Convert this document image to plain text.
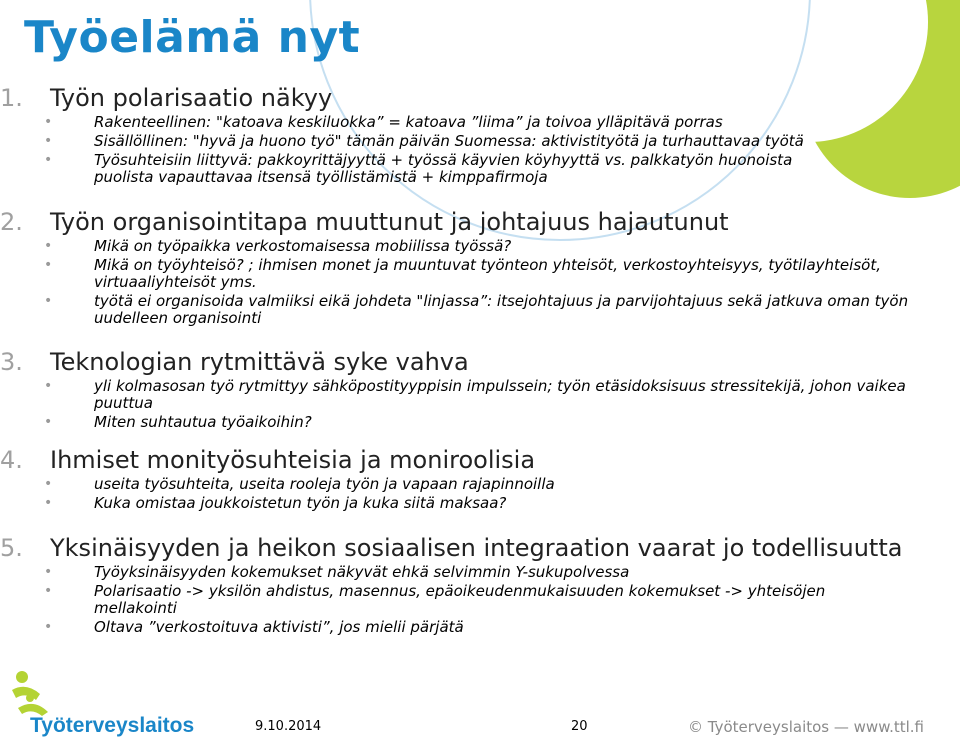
Työelämä nyt
1. Työn polarisaatio näkyy
•	Rakenteellinen: "katoava keskiluokka” = katoava ”liima” ja toivoa ylläpitävä porras
•	Sisällöllinen: "hyvä ja huono työ" tämän päivän Suomessa: aktivistityötä ja turhauttavaa työtä
•	Työsuhteisiin liittyvä: pakkoyrittäjyyttä + työssä käyvien köyhyyttä vs. palkkatyön huonoista puolista vapauttavaa itsensä työllistämistä + kimppafirmoja
2. Työn organisointitapa muuttunut ja johtajuus hajautunut
•	Mikä on työpaikka verkostomaisessa mobiilissa työssä?
•	Mikä on työyhteisö? ; ihmisen monet ja muuntuvat työnteon yhteisöt, verkostoyhteisyys, työtilayhteisöt, virtuaaliyhteisöt yms.
•	työtä ei organisoida valmiiksi eikä johdeta "linjassa”: itsejohtajuus ja parvijohtajuus sekä jatkuva oman työn uudelleen organisointi
3. Teknologian rytmittävä syke vahva
•	yli kolmasosan työ rytmittyy sähköpostityyppisin impulssein; työn etäsidoksisuus stressitekijä, johon vaikea puuttua
•	Miten suhtautua työaikoihin?
4. Ihmiset monityösuhteisia ja moniroolisia
•	useita työsuhteita, useita rooleja työn ja vapaan rajapinnoilla
•	Kuka omistaa joukkoistetun työn ja kuka siitä maksaa?
5. Yksinäisyyden ja heikon sosiaalisen integraation vaarat jo todellisuutta
•	Työyksinäisyyden kokemukset näkyvät ehkä selvimmin Y-sukupolvessa
•	Polarisaatio -> yksilön ahdistus, masennus, epäoikeudenmukaisuuden kokemukset -> yhteisöjen mellakointi
•	Oltava ”verkostoituva aktivisti”, jos mielii pärjätä
Työterveyslaitos	9.10.2014	20	© Työterveyslaitos — www.ttl.fi
